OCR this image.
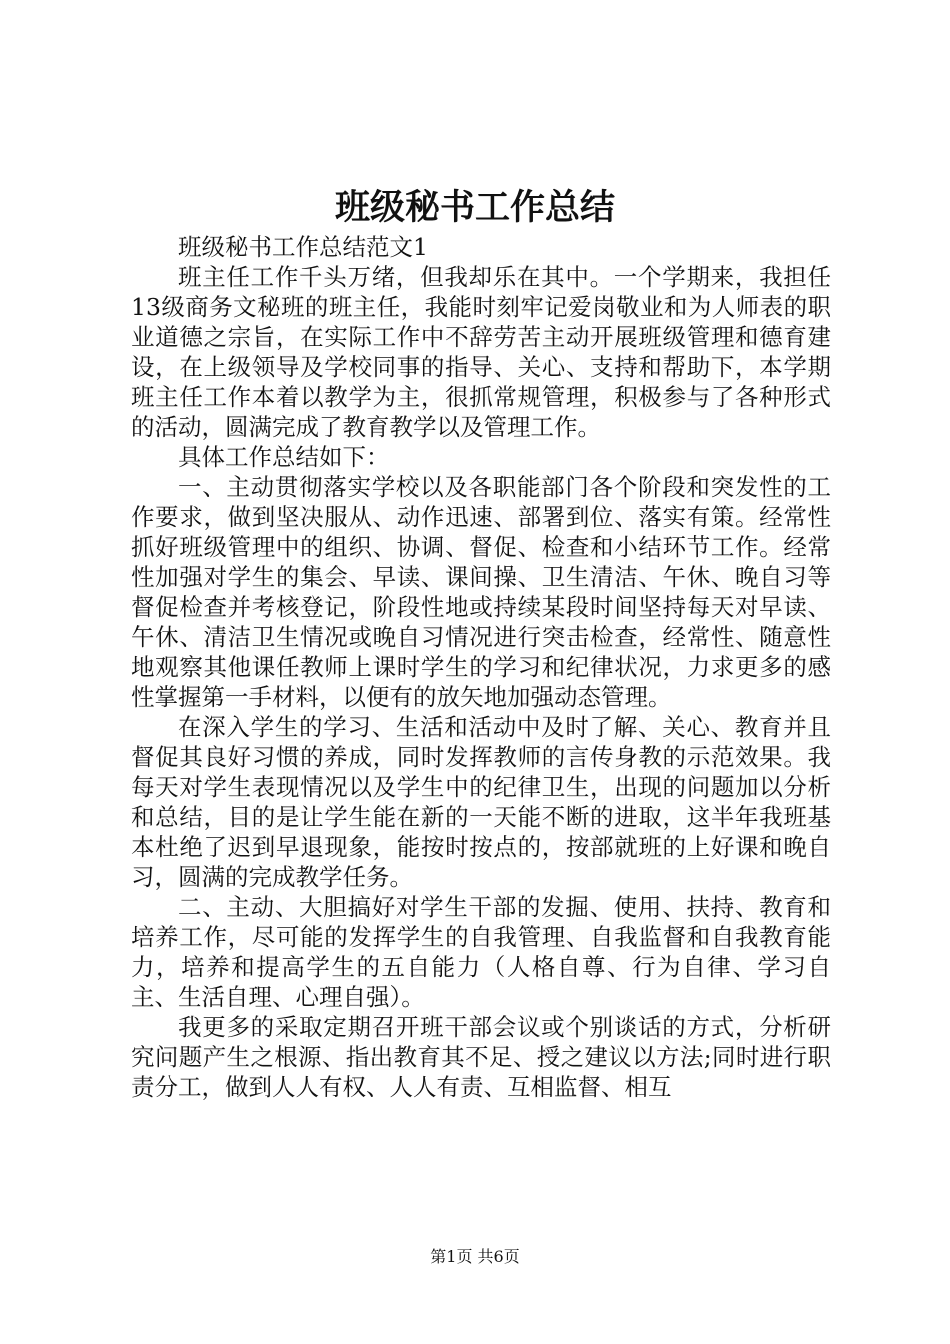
班级秘书工作总结

班级秘书工作总结范文1

班主任工作千头万绪，但我却乐在其中。一个学期来，我担任13级商务文秘班的班主任，我能时刻牢记爱岗敬业和为人师表的职业道德之宗旨，在实际工作中不辞劳苦主动开展班级管理和德育建设，在上级领导及学校同事的指导、关心、支持和帮助下，本学期班主任工作本着以教学为主，很抓常规管理，积极参与了各种形式的活动，圆满完成了教育教学以及管理工作。

具体工作总结如下：

一、主动贯彻落实学校以及各职能部门各个阶段和突发性的工作要求，做到坚决服从、动作迅速、部署到位、落实有策。经常性抓好班级管理中的组织、协调、督促、检查和小结环节工作。经常性加强对学生的集会、早读、课间操、卫生清洁、午休、晚自习等督促检查并考核登记，阶段性地或持续某段时间坚持每天对早读、午休、清洁卫生情况或晚自习情况进行突击检查，经常性、随意性地观察其他课任教师上课时学生的学习和纪律状况，力求更多的感性掌握第一手材料，以便有的放矢地加强动态管理。

在深入学生的学习、生活和活动中及时了解、关心、教育并且督促其良好习惯的养成，同时发挥教师的言传身教的示范效果。我每天对学生表现情况以及学生中的纪律卫生，出现的问题加以分析和总结，目的是让学生能在新的一天能不断的进取，这半年我班基本杜绝了迟到早退现象，能按时按点的，按部就班的上好课和晚自习，圆满的完成教学任务。

二、主动、大胆搞好对学生干部的发掘、使用、扶持、教育和培养工作，尽可能的发挥学生的自我管理、自我监督和自我教育能力，培养和提高学生的五自能力（人格自尊、行为自律、学习自主、生活自理、心理自强）。

我更多的采取定期召开班干部会议或个别谈话的方式，分析研究问题产生之根源、指出教育其不足、授之建议以方法;同时进行职责分工，做到人人有权、人人有责、互相监督、相互

第1页 共6页
